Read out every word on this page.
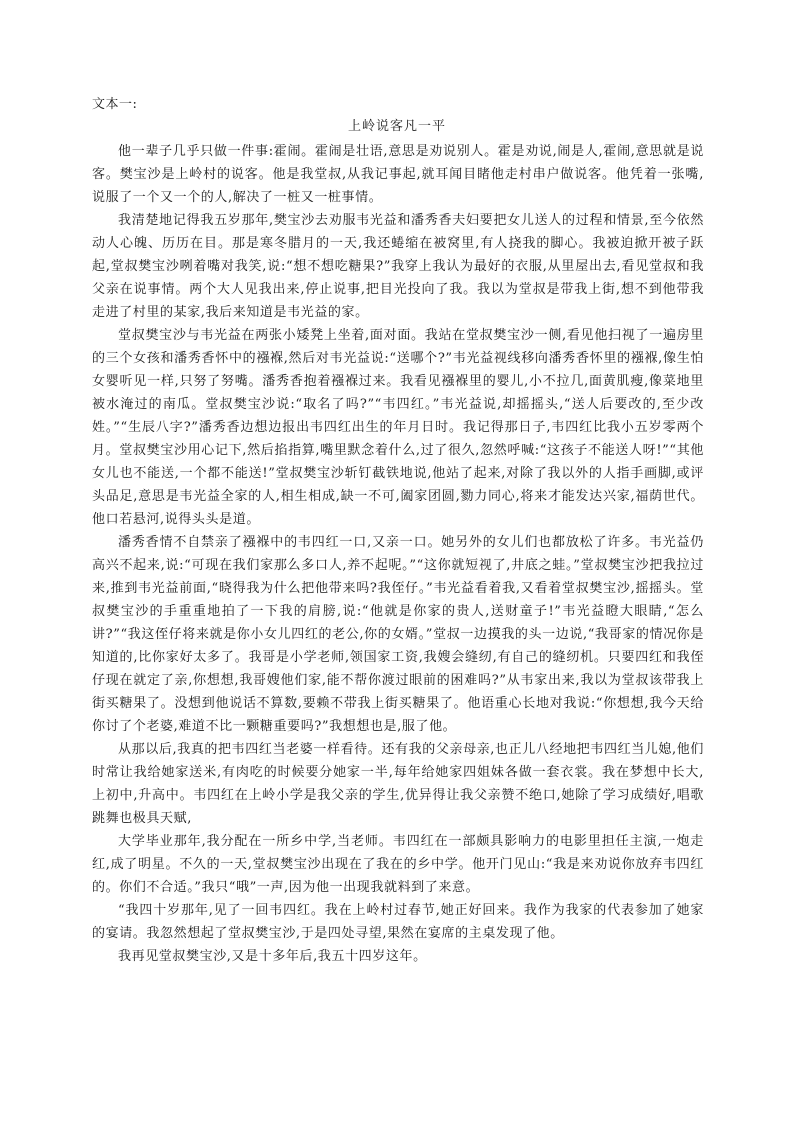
文本一:
上岭说客凡一平

他一辈子几乎只做一件事:霍闹。霍闹是壮语,意思是劝说别人。霍是劝说,闹是人,霍闹,意思就是说客。樊宝沙是上岭村的说客。他是我堂叔,从我记事起,就耳闻目睹他走村串户做说客。他凭着一张嘴,说服了一个又一个的人,解决了一桩又一桩事情。

我清楚地记得我五岁那年,樊宝沙去劝服韦光益和潘秀香夫妇要把女儿送人的过程和情景,至今依然动人心魄、历历在目。那是寒冬腊月的一天,我还蜷缩在被窝里,有人挠我的脚心。我被迫掀开被子跃起,堂叔樊宝沙咧着嘴对我笑,说:“想不想吃糖果?”我穿上我认为最好的衣服,从里屋出去,看见堂叔和我父亲在说事情。两个大人见我出来,停止说事,把目光投向了我。我以为堂叔是带我上街,想不到他带我走进了村里的某家,我后来知道是韦光益的家。

堂叔樊宝沙与韦光益在两张小矮凳上坐着,面对面。我站在堂叔樊宝沙一侧,看见他扫视了一遍房里的三个女孩和潘秀香怀中的襁褓,然后对韦光益说:“送哪个?”韦光益视线移向潘秀香怀里的襁褓,像生怕女婴听见一样,只努了努嘴。潘秀香抱着襁褓过来。我看见襁褓里的婴儿,小不拉几,面黄肌瘦,像菜地里被水淹过的南瓜。堂叔樊宝沙说:“取名了吗?”“韦四红。”韦光益说,却摇摇头,“送人后要改的,至少改姓。”“生辰八字?”潘秀香边想边报出韦四红出生的年月日时。我记得那日子,韦四红比我小五岁零两个月。堂叔樊宝沙用心记下,然后掐指算,嘴里默念着什么,过了很久,忽然呼喊:“这孩子不能送人呀!”“其他女儿也不能送,一个都不能送!”堂叔樊宝沙斩钉截铁地说,他站了起来,对除了我以外的人指手画脚,或评头品足,意思是韦光益全家的人,相生相成,缺一不可,阖家团圆,勠力同心,将来才能发达兴家,福荫世代。他口若悬河,说得头头是道。

潘秀香情不自禁亲了襁褓中的韦四红一口,又亲一口。她另外的女儿们也都放松了许多。韦光益仍高兴不起来,说:“可现在我们家那么多口人,养不起呢。”“这你就短视了,井底之蛙。”堂叔樊宝沙把我拉过来,推到韦光益前面,“晓得我为什么把他带来吗?我侄仔。”韦光益看着我,又看着堂叔樊宝沙,摇摇头。堂叔樊宝沙的手重重地拍了一下我的肩膀,说:“他就是你家的贵人,送财童子!”韦光益瞪大眼睛,“怎么讲?”“我这侄仔将来就是你小女儿四红的老公,你的女婿。”堂叔一边摸我的头一边说,“我哥家的情况你是知道的,比你家好太多了。我哥是小学老师,领国家工资,我嫂会缝纫,有自己的缝纫机。只要四红和我侄仔现在就定了亲,你想想,我哥嫂他们家,能不帮你渡过眼前的困难吗?”从韦家出来,我以为堂叔该带我上街买糖果了。没想到他说话不算数,要赖不带我上街买糖果了。他语重心长地对我说:“你想想,我今天给你讨了个老婆,难道不比一颗糖重要吗?”我想想也是,服了他。

从那以后,我真的把韦四红当老婆一样看待。还有我的父亲母亲,也正儿八经地把韦四红当儿媳,他们时常让我给她家送米,有肉吃的时候要分她家一半,每年给她家四姐妹各做一套衣裳。我在梦想中长大,上初中,升高中。韦四红在上岭小学是我父亲的学生,优异得让我父亲赞不绝口,她除了学习成绩好,唱歌跳舞也极具天赋,

大学毕业那年,我分配在一所乡中学,当老师。韦四红在一部颇具影响力的电影里担任主演,一炮走红,成了明星。不久的一天,堂叔樊宝沙出现在了我在的乡中学。他开门见山:“我是来劝说你放弃韦四红的。你们不合适。”我只“哦”一声,因为他一出现我就料到了来意。

“我四十岁那年,见了一回韦四红。我在上岭村过春节,她正好回来。我作为我家的代表参加了她家的宴请。我忽然想起了堂叔樊宝沙,于是四处寻望,果然在宴席的主桌发现了他。

我再见堂叔樊宝沙,又是十多年后,我五十四岁这年。
